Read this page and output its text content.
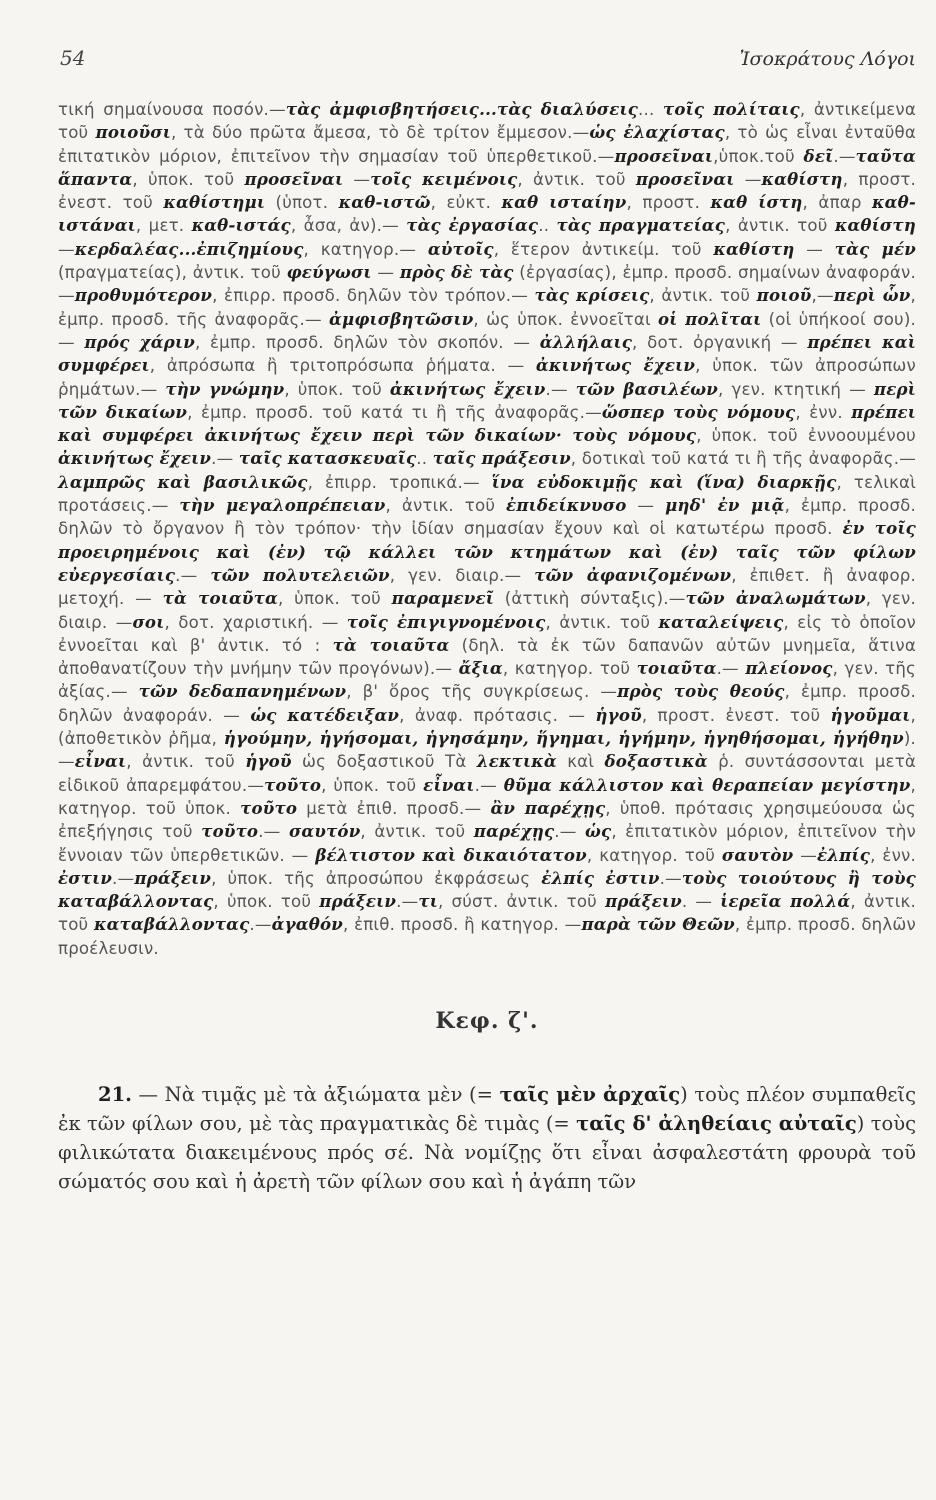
54	Ἰσοκράτους Λόγοι
τική σημαίνουσα ποσόν.—τὰς ἀμφισβητήσεις...τὰς διαλύσεις... τοῖς πολίταις, ἀντικείμενα τοῦ ποιοῦσι, τὰ δύο πρῶτα ἄμεσα, τὸ δὲ τρίτον ἔμμεσον.—ὡς ἐλαχίστας, τὸ ὡς εἶναι ἐνταῦθα ἐπιτατικὸν μόριον, ἐπιτεῖνον τὴν σημασίαν τοῦ ὑπερθετικοῦ.—προσεῖναι,ὑποκ.τοῦ δεῖ.—ταῦτα ἅπαντα, ὑποκ. τοῦ προσεῖναι —τοῖς κειμένοις, ἀντικ. τοῦ προσεῖναι —καθίστη, προστ. ἐνεστ. τοῦ καθίστημι (ὑποτ. καθ-ιστῶ, εὐκτ. καθ ισταίην, προστ. καθ ίστη, ἀπαρ καθ-ιστάναι, μετ. καθ-ιστάς, ἆσα, ἀν).— τὰς ἐργασίας.. τὰς πραγματείας, ἀντικ. τοῦ καθίστη —κερδαλέας...ἐπιζημίους, κατηγορ.— αὐτοῖς, ἕτερον ἀντικείμ. τοῦ καθίστη — τὰς μέν (πραγματείας), ἀντικ. τοῦ φεύγωσι — πρὸς δὲ τὰς (ἐργασίας), ἐμπρ. προσδ. σημαίνων ἀναφοράν.—προθυμότερον, ἐπιρρ. προσδ. δηλῶν τὸν τρόπον.— τὰς κρίσεις, ἀντικ. τοῦ ποιοῦ,—περὶ ὧν, ἐμπρ. προσδ. τῆς ἀναφορᾶς.— ἀμφισβητῶσιν, ὡς ὑποκ. ἐννοεῖται οἱ πολῖται (οἱ ὑπήκοοί σου). — πρός χάριν, ἐμπρ. προσδ. δηλῶν τὸν σκοπόν. — ἀλλήλαις, δοτ. ὀργανική — πρέπει καὶ συμφέρει, ἀπρόσωπα ἢ τριτοπρόσωπα ῥήματα. — ἀκινήτως ἔχειν, ὑποκ. τῶν ἀπροσώπων ῥημάτων.— τὴν γνώμην, ὑποκ. τοῦ ἀκινήτως ἔχειν.— τῶν βασιλέων, γεν. κτητική — περὶ τῶν δικαίων, ἐμπρ. προσδ. τοῦ κατά τι ἢ τῆς ἀναφορᾶς.—ὥσπερ τοὺς νόμους, ἐνν. πρέπει καὶ συμφέρει ἀκινήτως ἔχειν περὶ τῶν δικαίων· τοὺς νόμους, ὑποκ. τοῦ ἐννοουμένου ἀκινήτως ἔχειν.— ταῖς κατασκευαῖς.. ταῖς πράξεσιν, δοτικαὶ τοῦ κατά τι ἢ τῆς ἀναφορᾶς.—λαμπρῶς καὶ βασιλικῶς, ἐπιρρ. τροπικά.— ἵνα εὐδοκιμῇς καὶ (ἵνα) διαρκῇς, τελικαὶ προτάσεις.— τὴν μεγαλοπρέπειαν, ἀντικ. τοῦ ἐπιδείκνυσο — μηδ' ἐν μιᾷ, ἐμπρ. προσδ. δηλῶν τὸ ὄργανον ἢ τὸν τρόπον· τὴν ἰδίαν σημασίαν ἔχουν καὶ οἱ κατωτέρω προσδ. ἐν τοῖς προειρημένοις καὶ (ἐν) τῷ κάλλει τῶν κτημάτων καὶ (ἐν) ταῖς τῶν φίλων εὐεργεσίαις.— τῶν πολυτελειῶν, γεν. διαιρ.— τῶν ἀφανιζομένων, ἐπιθετ. ἢ ἀναφορ. μετοχή. — τὰ τοιαῦτα, ὑποκ. τοῦ παραμενεῖ (ἀττικὴ σύνταξις).—τῶν ἀναλωμάτων, γεν. διαιρ. —σοι, δοτ. χαριστική. — τοῖς ἐπιγιγνομένοις, ἀντικ. τοῦ καταλείψεις, εἰς τὸ ὁποῖον ἐννοεῖται καὶ β' ἀντικ. τό : τὰ τοιαῦτα (δηλ. τὰ ἐκ τῶν δαπανῶν αὐτῶν μνημεῖα, ἅτινα ἀποθανατίζουν τὴν μνήμην τῶν προγόνων).— ἄξια, κατηγορ. τοῦ τοιαῦτα.— πλείονος, γεν. τῆς ἀξίας.— τῶν δεδαπανημένων, β' ὅρος τῆς συγκρίσεως. —πρὸς τοὺς θεούς, ἐμπρ. προσδ. δηλῶν ἀναφοράν. — ὡς κατέδειξαν, ἀναφ. πρότασις. — ἡγοῦ, προστ. ἐνεστ. τοῦ ἡγοῦμαι, (ἀποθετικὸν ῥῆμα, ἡγούμην, ἡγήσομαι, ἡγησάμην, ἥγημαι, ἡγήμην, ἡγηθήσομαι, ἡγήθην).—εἶναι, ἀντικ. τοῦ ἡγοῦ ὡς δοξαστικοῦ Τὰ λεκτικὰ καὶ δοξαστικὰ ῥ. συντάσσονται μετὰ εἰδικοῦ ἀπαρεμφάτου.—τοῦτο, ὑποκ. τοῦ εἶναι.— θῦμα κάλλιστον καὶ θεραπείαν μεγίστην, κατηγορ. τοῦ ὑποκ. τοῦτο μετὰ ἐπιθ. προσδ.— ἂν παρέχῃς, ὑποθ. πρότασις χρησιμεύουσα ὡς ἐπεξήγησις τοῦ τοῦτο.— σαυτόν, ἀντικ. τοῦ παρέχῃς.— ὡς, ἐπιτατικὸν μόριον, ἐπιτεῖνον τὴν ἔννοιαν τῶν ὑπερθετικῶν. — βέλτιστον καὶ δικαιότατον, κατηγορ. τοῦ σαυτὸν —ἐλπίς, ἐνν. ἐστιν.—πράξειν, ὑποκ. τῆς ἀπροσώπου ἐκφράσεως ἐλπίς ἐστιν.—τοὺς τοιούτους ἢ τοὺς καταβάλλοντας, ὑποκ. τοῦ πράξειν.—τι, σύστ. ἀντικ. τοῦ πράξειν. — ἱερεῖα πολλά, ἀντικ. τοῦ καταβάλλοντας.—ἀγαθόν, ἐπιθ. προσδ. ἢ κατηγορ. —παρὰ τῶν Θεῶν, ἐμπρ. προσδ. δηλῶν προέλευσιν.
Κεφ. ζ'.
21. — Νὰ τιμᾷς μὲ τὰ ἀξιώματα μὲν (= ταῖς μὲν ἀρχαῖς) τοὺς πλέον συμπαθεῖς ἐκ τῶν φίλων σου, μὲ τὰς πραγματικὰς δὲ τιμὰς (= ταῖς δ' ἀληθείαις αὐταῖς) τοὺς φιλικώτατα διακειμένους πρός σέ. Νὰ νομίζῃς ὅτι εἶναι ἀσφαλεστάτη φρουρὰ τοῦ σώματός σου καὶ ἡ ἀρετὴ τῶν φίλων σου καὶ ἡ ἀγάπη τῶν
